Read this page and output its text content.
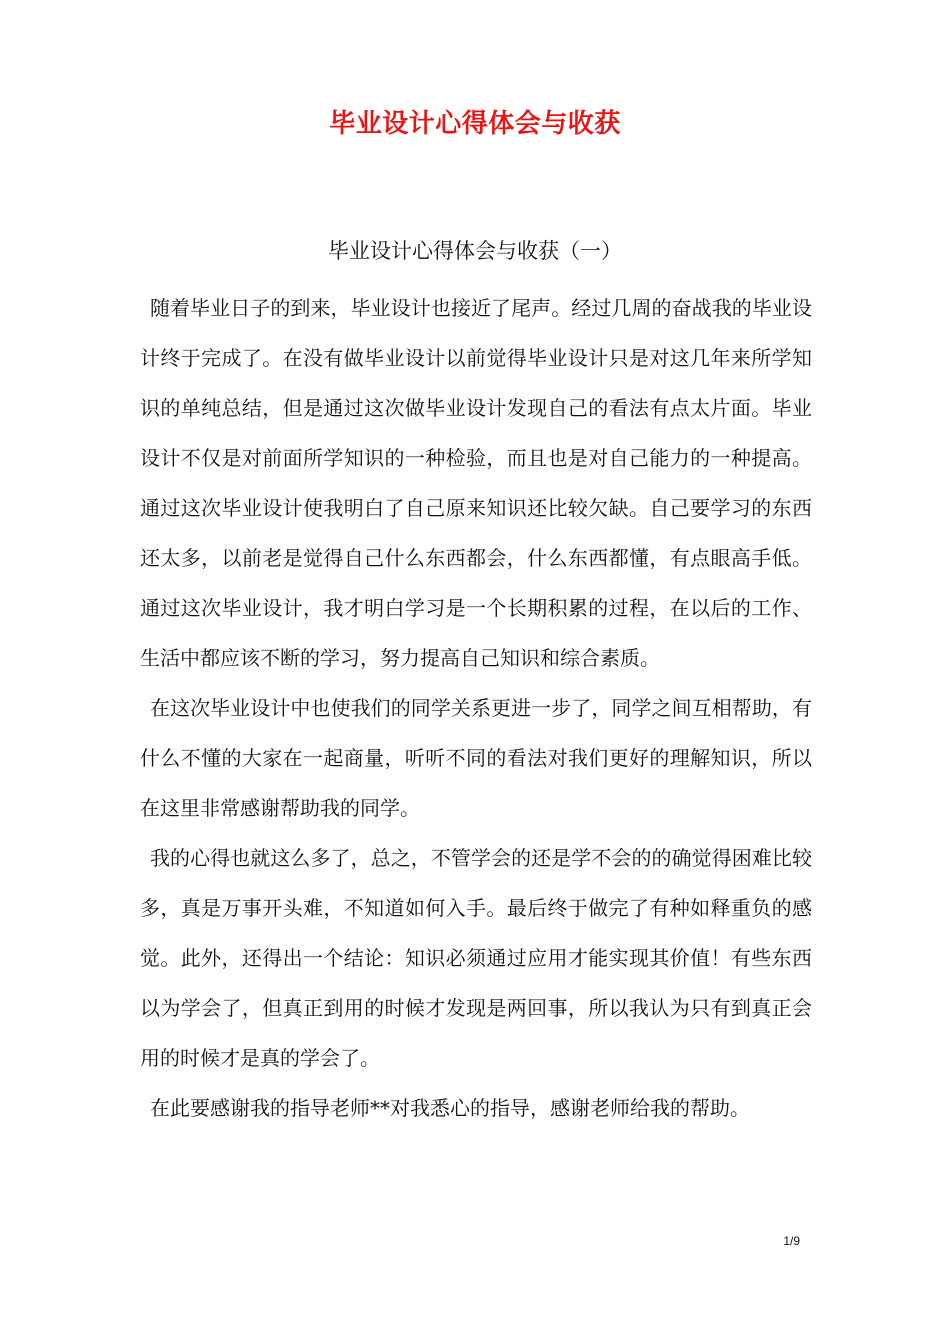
毕业设计心得体会与收获
毕业设计心得体会与收获（一）

随着毕业日子的到来，毕业设计也接近了尾声。经过几周的奋战我的毕业设计终于完成了。在没有做毕业设计以前觉得毕业设计只是对这几年来所学知识的单纯总结，但是通过这次做毕业设计发现自己的看法有点太片面。毕业设计不仅是对前面所学知识的一种检验，而且也是对自己能力的一种提高。通过这次毕业设计使我明白了自己原来知识还比较欠缺。自己要学习的东西还太多，以前老是觉得自己什么东西都会，什么东西都懂，有点眼高手低。通过这次毕业设计，我才明白学习是一个长期积累的过程，在以后的工作、生活中都应该不断的学习，努力提高自己知识和综合素质。

在这次毕业设计中也使我们的同学关系更进一步了，同学之间互相帮助，有什么不懂的大家在一起商量，听听不同的看法对我们更好的理解知识，所以在这里非常感谢帮助我的同学。

我的心得也就这么多了，总之，不管学会的还是学不会的的确觉得困难比较多，真是万事开头难，不知道如何入手。最后终于做完了有种如释重负的感觉。此外，还得出一个结论：知识必须通过应用才能实现其价值！有些东西以为学会了，但真正到用的时候才发现是两回事，所以我认为只有到真正会用的时候才是真的学会了。

在此要感谢我的指导老师**对我悉心的指导，感谢老师给我的帮助。

1/9
